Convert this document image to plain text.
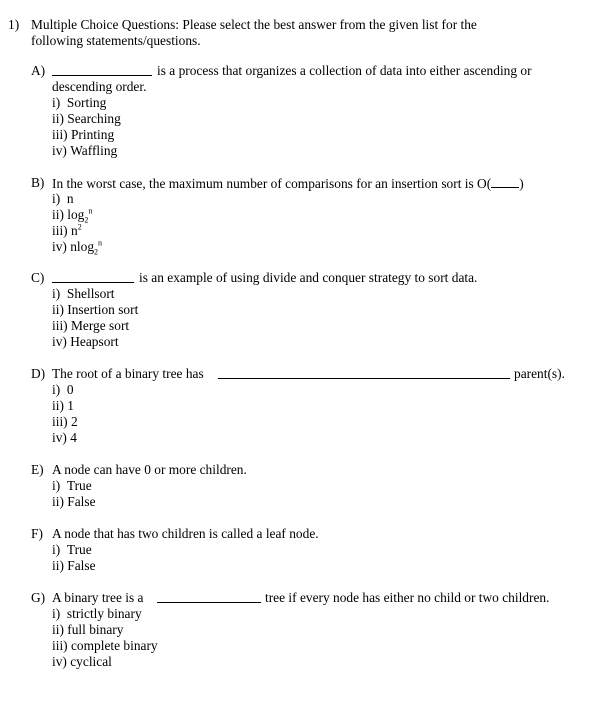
1) Multiple Choice Questions: Please select the best answer from the given list for the
following statements/questions.
A)	is a process that organizes a collection of data into either ascending or
descending order.
i) Sorting
ii) Searching
iii) Printing
iv) Waffling
B) In the worst case, the maximum number of comparisons for an insertion sort is O( )
i) n
ii) $\log_2^n$
iii) $n^2$
iv) nlog$_2^n$
C)	is an example of using divide and conquer strategy to sort data.
i) Shellsort
ii) Insertion sort
iii) Merge sort
iv) Heapsort
D) The root of a binary tree has	parent(s).
i) 0
ii) 1
iii) 2
iv) 4
E) A node can have 0 or more children.
i) True
ii) False
F) A node that has two children is called a leaf node.
i) True
ii) False
G) A binary tree is a	tree if every node has either no child or two children.
i) strictly binary
ii) full binary
iii) complete binary
iv) cyclical
